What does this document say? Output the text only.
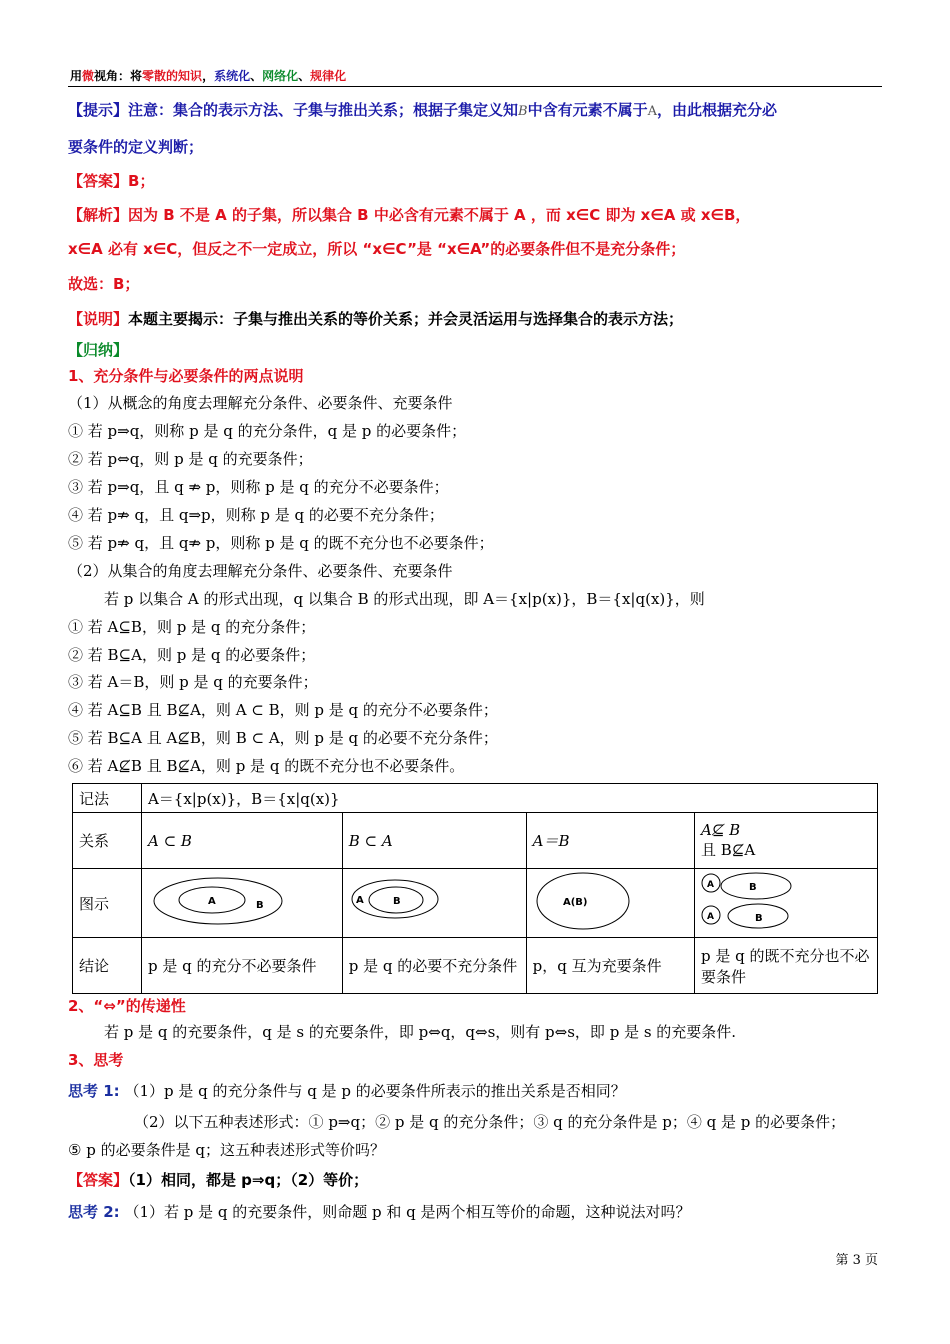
用微视角：将零散的知识，系统化、网络化、规律化
【提示】注意：集合的表示方法、子集与推出关系；根据子集定义知B中含有元素不属于A，由此根据充分必
要条件的定义判断；
【答案】B；
【解析】因为 B 不是 A 的子集，所以集合 B 中必含有元素不属于 A ，而 x∈C 即为 x∈A 或 x∈B，
x∈A 必有 x∈C，但反之不一定成立，所以 “x∈C”是 “x∈A”的必要条件但不是充分条件；
故选：B；
【说明】本题主要揭示：子集与推出关系的等价关系；并会灵活运用与选择集合的表示方法；
【归纳】
1、充分条件与必要条件的两点说明
（1）从概念的角度去理解充分条件、必要条件、充要条件
① 若 p⇒q，则称 p 是 q 的充分条件，q 是 p 的必要条件；
② 若 p⇔q，则 p 是 q 的充要条件；
③ 若 p⇒q，且 q ⇏ p，则称 p 是 q 的充分不必要条件；
④ 若 p⇏ q，且 q⇒p，则称 p 是 q 的必要不充分条件；
⑤ 若 p⇏ q，且 q⇏ p，则称 p 是 q 的既不充分也不必要条件；
（2）从集合的角度去理解充分条件、必要条件、充要条件
若 p 以集合 A 的形式出现，q 以集合 B 的形式出现，即 A＝{x|p(x)}，B＝{x|q(x)}，则
① 若 A⊆B，则 p 是 q 的充分条件；
② 若 B⊆A，则 p 是 q 的必要条件；
③ 若 A＝B，则 p 是 q 的充要条件；
④ 若 A⊆B 且 B⊈A，则 A ⊂ B，则 p 是 q 的充分不必要条件；
⑤ 若 B⊆A 且 A⊈B，则 B ⊂ A，则 p 是 q 的必要不充分条件；
⑥ 若 A⊈B 且 B⊈A，则 p 是 q 的既不充分也不必要条件。
记法	A＝{x|p(x)}，B＝{x|q(x)}			
关系	A ⊂ B	B ⊂ A	A＝B	A⊈ B
且 B⊈A

图示	A B	A B	A(B)	A B
A B

结论	p 是 q 的充分不必要条件	p 是 q 的必要不充分条件	p，q 互为充要条件	p 是 q 的既不充分也不必要条件
2、“⇔”的传递性
若 p 是 q 的充要条件，q 是 s 的充要条件，即 p⇔q，q⇔s，则有 p⇔s，即 p 是 s 的充要条件.
3、思考
思考 1: （1）p 是 q 的充分条件与 q 是 p 的必要条件所表示的推出关系是否相同？
（2）以下五种表述形式：① p⇒q；② p 是 q 的充分条件；③ q 的充分条件是 p；④ q 是 p 的必要条件；
⑤ p 的必要条件是 q；这五种表述形式等价吗？
【答案】（1）相同，都是 p⇒q；（2）等价；
思考 2: （1）若 p 是 q 的充要条件，则命题 p 和 q 是两个相互等价的命题，这种说法对吗？
第 3 页
